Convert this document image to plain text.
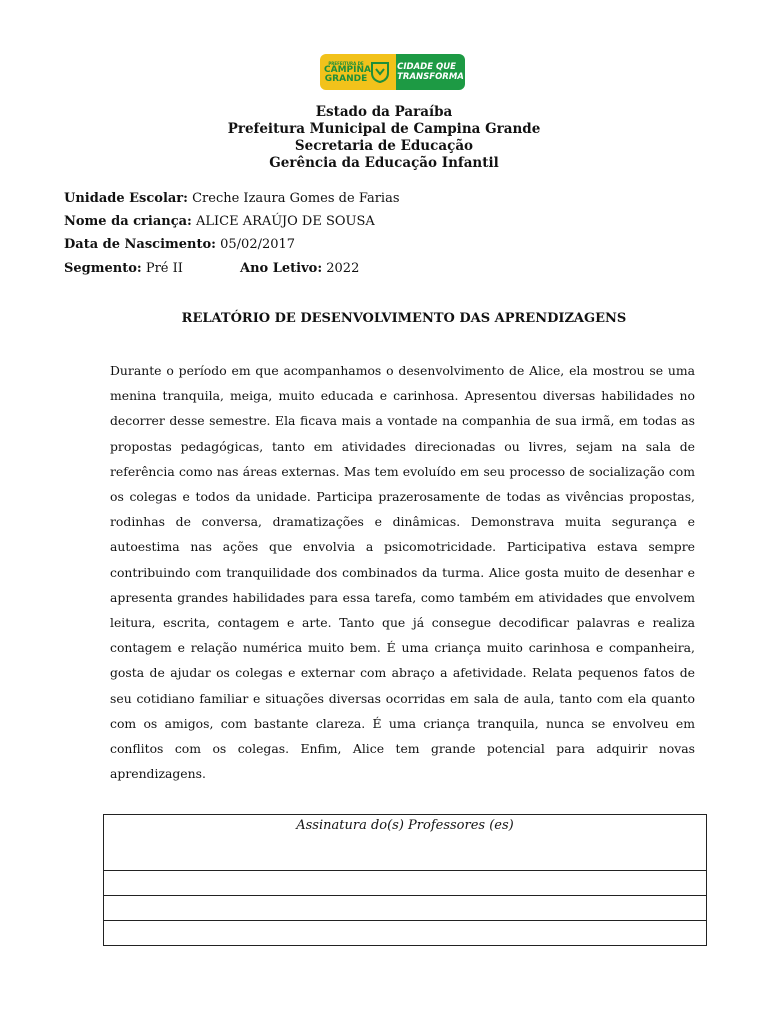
PREFEITURA DE
CAMPINA
GRANDE
CIDADE QUE
TRANSFORMA
Estado da Paraíba
Prefeitura Municipal de Campina Grande
Secretaria de Educação
Gerência da Educação Infantil
Unidade Escolar: Creche Izaura Gomes de Farias
Nome da criança: ALICE ARAÚJO DE SOUSA
Data de Nascimento: 05/02/2017
Segmento: Pré II	Ano Letivo: 2022
RELATÓRIO DE DESENVOLVIMENTO DAS APRENDIZAGENS
Durante o período em que acompanhamos o desenvolvimento de Alice, ela mostrou se uma menina tranquila, meiga, muito educada e carinhosa. Apresentou diversas habilidades no decorrer desse semestre. Ela ficava mais a vontade na companhia de sua irmã, em todas as propostas pedagógicas, tanto em atividades direcionadas ou livres, sejam na sala de referência como nas áreas externas. Mas tem evoluído em seu processo de socialização com os colegas e todos da unidade. Participa prazerosamente de todas as vivências propostas, rodinhas de conversa, dramatizações e dinâmicas. Demonstrava muita segurança e autoestima nas ações que envolvia a psicomotricidade. Participativa estava sempre contribuindo com tranquilidade dos combinados da turma. Alice gosta muito de desenhar e apresenta grandes habilidades para essa tarefa, como também em atividades que envolvem leitura, escrita, contagem e arte. Tanto que já consegue decodificar palavras e realiza contagem e relação numérica muito bem. É uma criança muito carinhosa e companheira, gosta de ajudar os colegas e externar com abraço a afetividade. Relata pequenos fatos de seu cotidiano familiar e situações diversas ocorridas em sala de aula, tanto com ela quanto com os amigos, com bastante clareza. É uma criança tranquila, nunca se envolveu em conflitos com os colegas. Enfim, Alice tem grande potencial para adquirir novas aprendizagens.
Assinatura do(s) Professores (es)
